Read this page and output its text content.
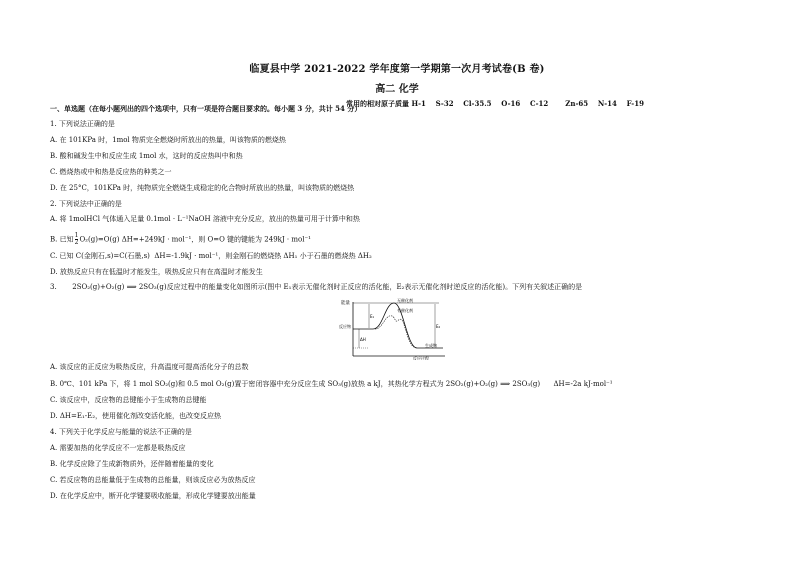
临夏县中学 2021-2022 学年度第一学期第一次月考试卷(B 卷)
高二 化学
常用的相对原子质量 H-1    S-32    Cl-35.5    O-16    C-12       Zn-65    N-14    F-19
一、单选题（在每小题列出的四个选项中，只有一项是符合题目要求的。每小题 3 分，共计 54 分）
1. 下列说法正确的是
A. 在 101KPa 时，1mol 物质完全燃烧时所放出的热量，叫该物质的燃烧热
B. 酸和碱发生中和反应生成 1mol 水，这时的反应热叫中和热
C. 燃烧热或中和热是反应热的种类之一
D. 在 25°C，101KPa 时，纯物质完全燃烧生成稳定的化合物时所放出的热量，叫该物质的燃烧热
2. 下列说法中正确的是
A. 将 1molHCl 气体通入足量 0.1mol · L⁻¹NaOH 溶液中充分反应，放出的热量可用于计算中和热
B. 已知 $\frac{1}{2} O_2(g)=O(g) \Delta H=+249kJ \cdot mol^{-1}$，则 O=O 键的键能为 249kJ · mol⁻¹
C. 已知 C(金刚石,s)=C(石墨,s)  ΔH=-1.9kJ · mol⁻¹，则金刚石的燃烧热 ΔH₁ 小于石墨的燃烧热 ΔH₂
D. 放热反应只有在低温时才能发生，吸热反应只有在高温时才能发生
3.       2SO₂(g)+O₂(g) ⟹ 2SO₃(g)反应过程中的能量变化如图所示(图中 E₁表示无催化剂时正反应的活化能，E₂表示无催化剂时逆反应的活化能)。下列有关叙述正确的是
能量
反应物
生成物
无催化剂
有催化剂
E₁
E₂
ΔH
反应过程
A. 该反应的正反应为吸热反应，升高温度可提高活化分子的总数
B. 0℃、101 kPa 下，将 1 mol SO₂(g)和 0.5 mol O₂(g)置于密闭容器中充分反应生成 SO₃(g)放热 a kJ，其热化学方程式为 2SO₂(g)+O₂(g) ⟹ 2SO₃(g)      ΔH=-2a kJ·mol⁻¹
C. 该反应中，反应物的总键能小于生成物的总键能
D. ΔH=E₁-E₂，使用催化剂改变活化能，也改变反应热
4. 下列关于化学反应与能量的说法不正确的是
A. 需要加热的化学反应不一定都是吸热反应
B. 化学反应除了生成新物质外，还伴随着能量的变化
C. 若反应物的总能量低于生成物的总能量，则该反应必为放热反应
D. 在化学反应中，断开化学键要吸收能量，形成化学键要放出能量
